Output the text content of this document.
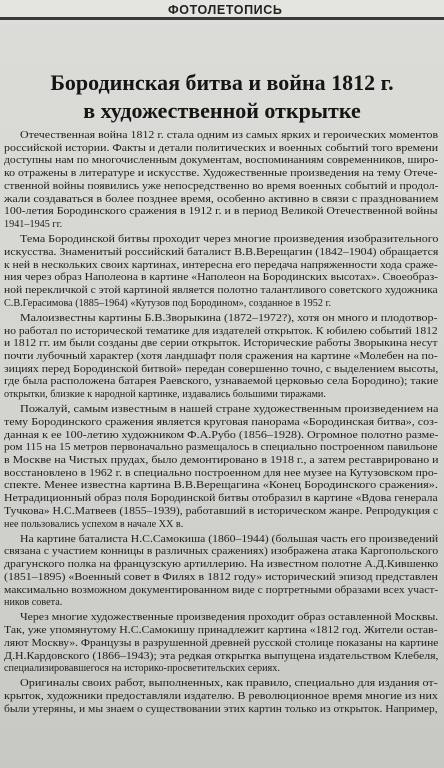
ФОТОЛЕТОПИСЬ
Бородинская битва и война 1812 г.
в художественной открытке
Отечественная война 1812 г. стала одним из самых ярких и героических моментов
российской истории. Факты и детали политических и военных событий того времени
доступны нам по многочисленным документам, воспоминаниям современников, широ-
ко отражены в литературе и искусстве. Художественные произведения на тему Отече-
ственной войны появились уже непосредственно во время военных событий и продол-
жали создаваться в более позднее время, особенно активно в связи с празднованием
100-летия Бородинского сражения в 1912 г. и в период Великой Отечественной войны
1941–1945 гг.
Тема Бородинской битвы проходит через многие произведения изобразительного
искусства. Знаменитый российский баталист В.В.Верещагин (1842–1904) обращается
к ней в нескольких своих картинах, интересна его передача напряженности хода сраже-
ния через образ Наполеона в картине «Наполеон на Бородинских высотах». Своеобраз-
ной перекличкой с этой картиной является полотно талантливого советского художника
С.В.Герасимова (1885–1964) «Кутузов под Бородином», созданное в 1952 г.
Малоизвестны картины Б.В.Зворыкина (1872–1972?), хотя он много и плодотвор-
но работал по исторической тематике для издателей открыток. К юбилею событий 1812
и 1812 гг. им были созданы две серии открыток. Исторические работы Зворыкина несут
почти лубочный характер (хотя ландшафт поля сражения на картине «Молебен на по-
зициях перед Бородинской битвой» передан совершенно точно, с выделением высоты,
где была расположена батарея Раевского, узнаваемой церковью села Бородино); такие
открытки, близкие к народной картинке, издавались большими тиражами.
Пожалуй, самым известным в нашей стране художественным произведением на
тему Бородинского сражения является круговая панорама «Бородинская битва», соз-
данная к ее 100-летию художником Ф.А.Рубо (1856–1928). Огромное полотно разме-
ром 115 на 15 метров первоначально размещалось в специально построенном павильоне
в Москве на Чистых прудах, было демонтировано в 1918 г., а затем реставрировано и
восстановлено в 1962 г. в специально построенном для нее музее на Кутузовском про-
спекте. Менее известна картина В.В.Верещагина «Конец Бородинского сражения».
Нетрадиционный образ поля Бородинской битвы отобразил в картине «Вдова генерала
Тучкова» Н.С.Матвеев (1855–1939), работавший в историческом жанре. Репродукция с
нее пользовались успехом в начале XX в.
На картине баталиста Н.С.Самокиша (1860–1944) (большая часть его произведений
связана с участием конницы в различных сражениях) изображена атака Каргопольского
драгунского полка на французскую артиллерию. На известном полотне А.Д.Кившенко
(1851–1895) «Военный совет в Филях в 1812 году» исторический эпизод представлен
максимально возможном документированном виде с портретными образами всех участ-
ников совета.
Через многие художественные произведения проходит образ оставленной Москвы.
Так, уже упомянутому Н.С.Самокишу принадлежит картина «1812 год. Жители остав-
ляют Москву». Французы в разрушенной древней русской столице показаны на картине
Д.Н.Кардовского (1866–1943); эта редкая открытка выпущена издательством Клебеля,
специализировавшегося на историко-просветительских сериях.
Оригиналы своих работ, выполненных, как правило, специально для издания от-
крыток, художники предоставляли издателю. В революционное время многие из них
были утеряны, и мы знаем о существовании этих картин только из открыток. Например,
